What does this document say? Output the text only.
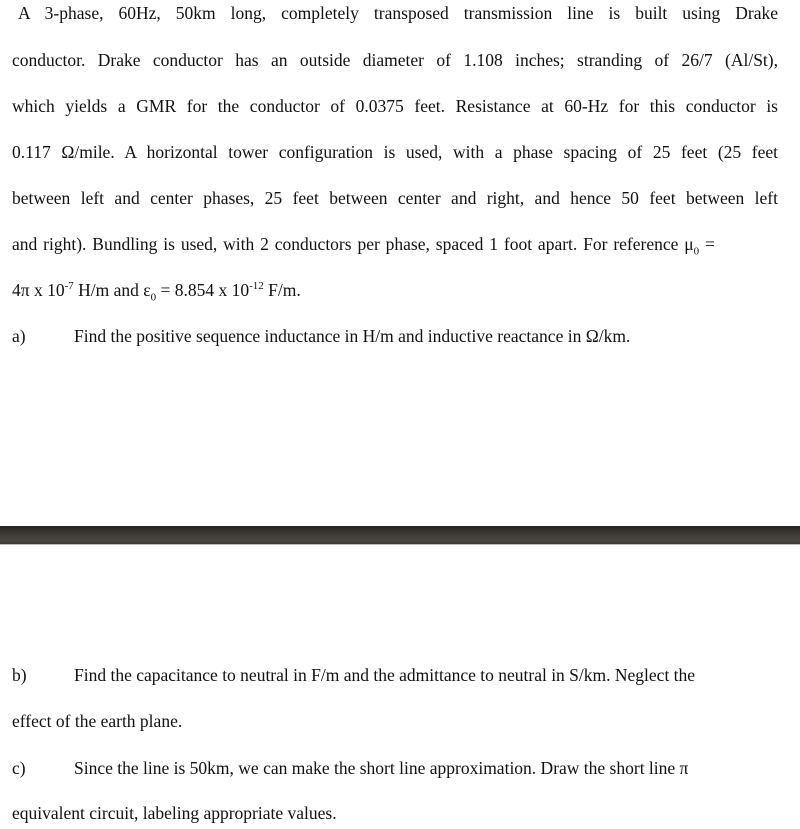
A 3-phase, 60Hz, 50km long, completely transposed transmission line is built using Drake
conductor. Drake conductor has an outside diameter of 1.108 inches; stranding of 26/7 (Al/St),
which yields a GMR for the conductor of 0.0375 feet. Resistance at 60-Hz for this conductor is
0.117 Ω/mile. A horizontal tower configuration is used, with a phase spacing of 25 feet (25 feet
between left and center phases, 25 feet between center and right, and hence 50 feet between left
and right). Bundling is used, with 2 conductors per phase, spaced 1 foot apart. For reference $\mu_0$ =
4π x $10^{-7}$ H/m and $\varepsilon_0 = 8.854$ x $10^{-12}$ F/m.
a)	Find the positive sequence inductance in H/m and inductive reactance in Ω/km.
b)	Find the capacitance to neutral in F/m and the admittance to neutral in S/km. Neglect the
effect of the earth plane.
c)	Since the line is 50km, we can make the short line approximation. Draw the short line π
equivalent circuit, labeling appropriate values.
